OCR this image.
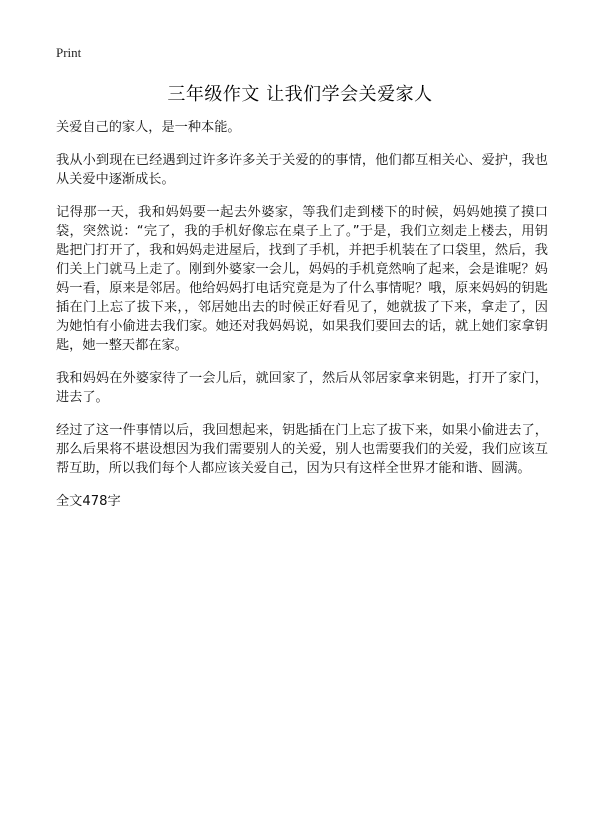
Print
三年级作文 让我们学会关爱家人

关爱自己的家人，是一种本能。

我从小到现在已经遇到过许多许多关于关爱的的事情，他们都互相关心、爱护，我也从关爱中逐渐成长。

记得那一天，我和妈妈要一起去外婆家，等我们走到楼下的时候，妈妈她摸了摸口袋，突然说：“完了，我的手机好像忘在桌子上了。”于是，我们立刻走上楼去，用钥匙把门打开了，我和妈妈走进屋后，找到了手机，并把手机装在了口袋里，然后，我们关上门就马上走了。刚到外婆家一会儿，妈妈的手机竟然响了起来，会是谁呢？妈妈一看，原来是邻居。他给妈妈打电话究竟是为了什么事情呢？哦，原来妈妈的钥匙插在门上忘了拔下来，，邻居她出去的时候正好看见了，她就拔了下来，拿走了，因为她怕有小偷进去我们家。她还对我妈妈说，如果我们要回去的话，就上她们家拿钥匙，她一整天都在家。

我和妈妈在外婆家待了一会儿后，就回家了，然后从邻居家拿来钥匙，打开了家门，进去了。

经过了这一件事情以后，我回想起来，钥匙插在门上忘了拔下来，如果小偷进去了，那么后果将不堪设想因为我们需要别人的关爱，别人也需要我们的关爱，我们应该互帮互助，所以我们每个人都应该关爱自己，因为只有这样全世界才能和谐、圆满。

全文478字
